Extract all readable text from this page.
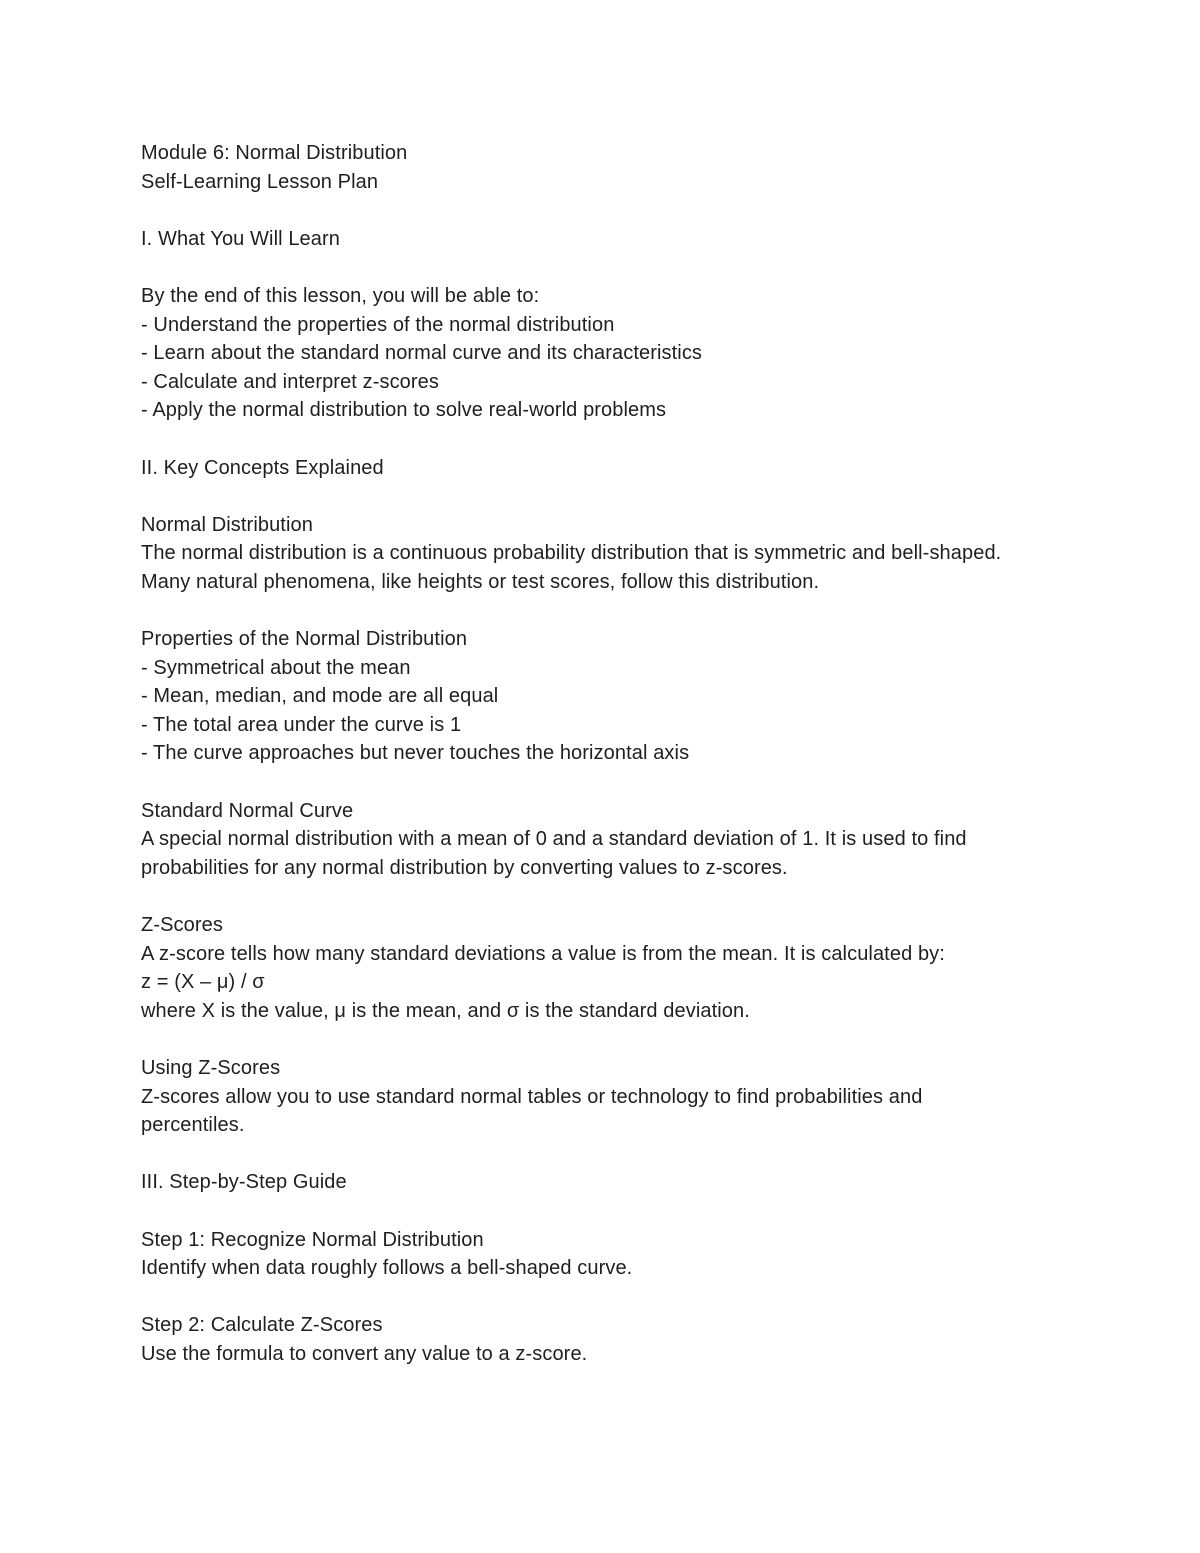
Module 6: Normal Distribution

Self-Learning Lesson Plan

I. What You Will Learn

By the end of this lesson, you will be able to:

- Understand the properties of the normal distribution

- Learn about the standard normal curve and its characteristics

- Calculate and interpret z-scores

- Apply the normal distribution to solve real-world problems

II. Key Concepts Explained

Normal Distribution

The normal distribution is a continuous probability distribution that is symmetric and bell-shaped.

Many natural phenomena, like heights or test scores, follow this distribution.

Properties of the Normal Distribution

- Symmetrical about the mean

- Mean, median, and mode are all equal

- The total area under the curve is 1

- The curve approaches but never touches the horizontal axis

Standard Normal Curve

A special normal distribution with a mean of 0 and a standard deviation of 1. It is used to find

probabilities for any normal distribution by converting values to z-scores.

Z-Scores

A z-score tells how many standard deviations a value is from the mean. It is calculated by:

z = (X – μ) / σ

where X is the value, μ is the mean, and σ is the standard deviation.

Using Z-Scores

Z-scores allow you to use standard normal tables or technology to find probabilities and

percentiles.

III. Step-by-Step Guide

Step 1: Recognize Normal Distribution

Identify when data roughly follows a bell-shaped curve.

Step 2: Calculate Z-Scores

Use the formula to convert any value to a z-score.
